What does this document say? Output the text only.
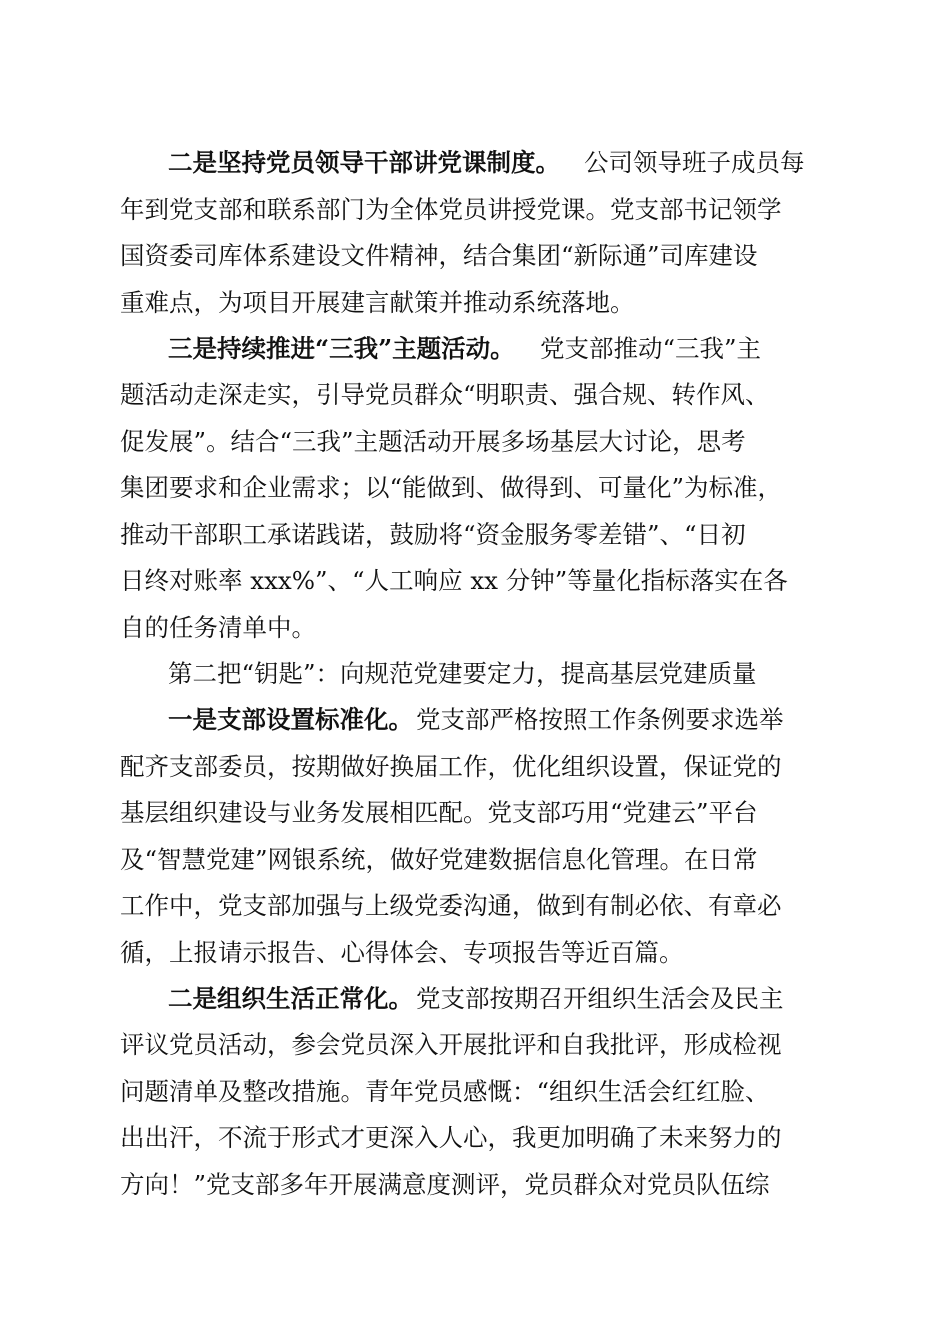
二是坚持党员领导干部讲党课制度。 公司领导班子成员每
年到党支部和联系部门为全体党员讲授党课。党支部书记领学
国资委司库体系建设文件精神，结合集团“新际通”司库建设
重难点，为项目开展建言献策并推动系统落地。
三是持续推进“三我”主题活动。 党支部推动“三我”主
题活动走深走实，引导党员群众“明职责、强合规、转作风、
促发展”。结合“三我”主题活动开展多场基层大讨论，思考
集团要求和企业需求；以“能做到、做得到、可量化”为标准，
推动干部职工承诺践诺，鼓励将“资金服务零差错”、“日初
日终对账率 xxx%”、“人工响应 xx 分钟”等量化指标落实在各
自的任务清单中。
第二把“钥匙”：向规范党建要定力，提高基层党建质量
一是支部设置标准化。 党支部严格按照工作条例要求选举
配齐支部委员，按期做好换届工作，优化组织设置，保证党的
基层组织建设与业务发展相匹配。党支部巧用“党建云”平台
及“智慧党建”网银系统，做好党建数据信息化管理。在日常
工作中，党支部加强与上级党委沟通，做到有制必依、有章必
循，上报请示报告、心得体会、专项报告等近百篇。
二是组织生活正常化。 党支部按期召开组织生活会及民主
评议党员活动，参会党员深入开展批评和自我批评，形成检视
问题清单及整改措施。青年党员感慨：“组织生活会红红脸、
出出汗，不流于形式才更深入人心，我更加明确了未来努力的
方向！”党支部多年开展满意度测评，党员群众对党员队伍综
